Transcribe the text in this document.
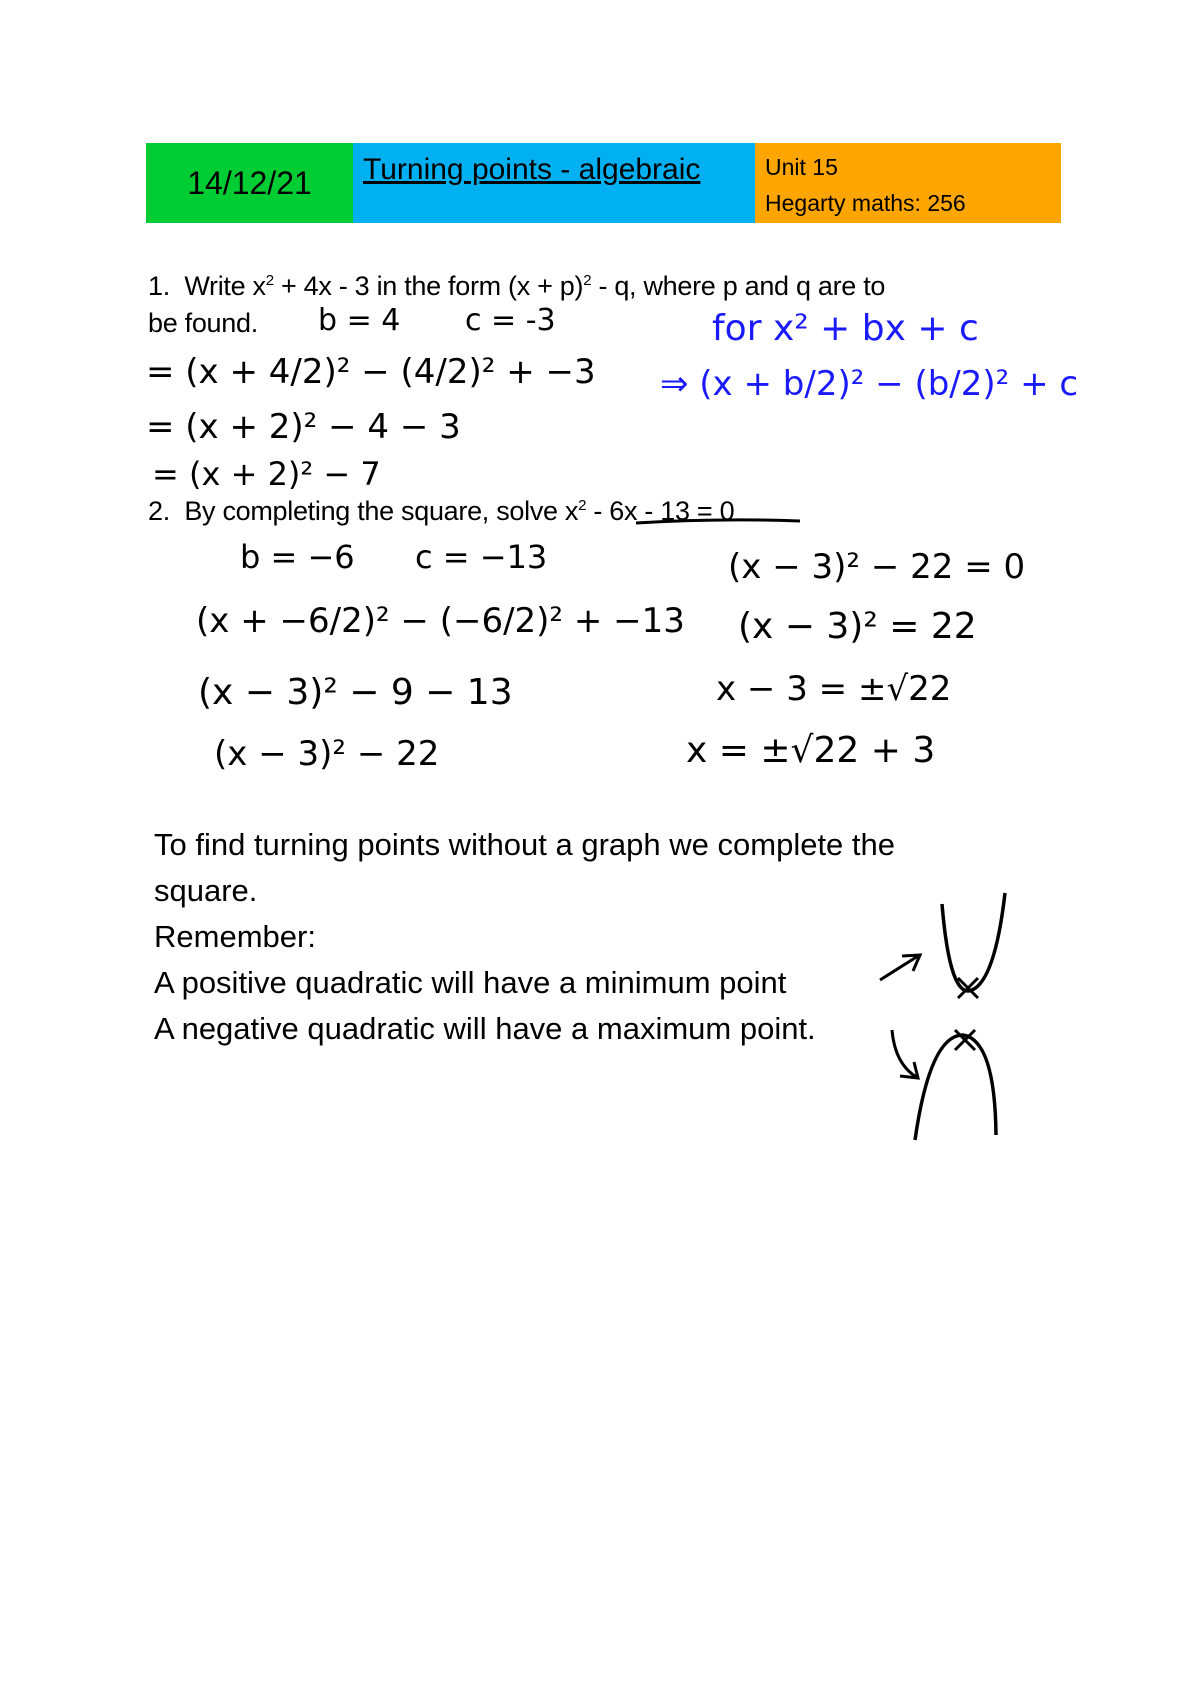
14/12/21	Turning points - algebraic	Unit 15
Hegarty maths: 256
1. Write $x^2 + 4x - 3$ in the form $(x + p)^2 - q$, where p and q are to
be found.
2. By completing the square, solve $x^2 - 6x - 13 = 0$
b = 4 c = -3
= (x + 4/2)² − (4/2)² + −3
= (x + 2)² − 4 − 3
= (x + 2)² − 7
for x² + bx + c
⇒ (x + b/2)² − (b/2)² + c
b = −6 c = −13
(x + −6/2)² − (−6/2)² + −13
(x − 3)² − 9 − 13
(x − 3)² − 22
(x − 3)² − 22 = 0
(x − 3)² = 22
x − 3 = ±√22
x = ±√22 + 3
To find turning points without a graph we complete the
square.
Remember:
A positive quadratic will have a minimum point
A negative quadratic will have a maximum point.
